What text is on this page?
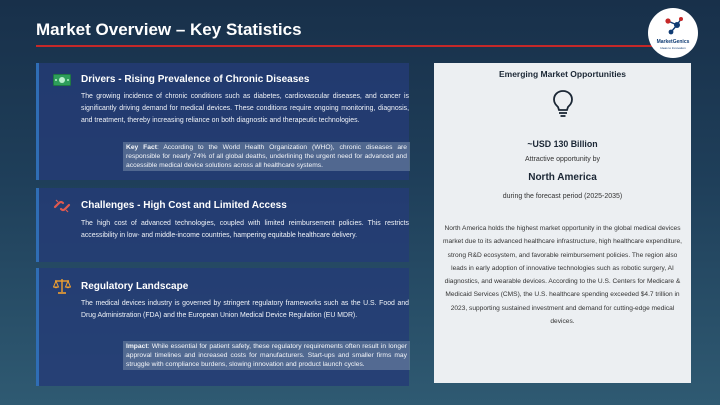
Market Overview – Key Statistics
MarketGenics
Ideas to Innovation
Drivers - Rising Prevalence of Chronic Diseases
The growing incidence of chronic conditions such as diabetes, cardiovascular diseases, and cancer is significantly driving demand for medical devices. These conditions require ongoing monitoring, diagnosis, and treatment, thereby increasing reliance on both diagnostic and therapeutic technologies.
Key Fact: According to the World Health Organization (WHO), chronic diseases are responsible for nearly 74% of all global deaths, underlining the urgent need for advanced and accessible medical device solutions across all healthcare systems.
Challenges - High Cost and Limited Access
The high cost of advanced technologies, coupled with limited reimbursement policies. This restricts accessibility in low- and middle-income countries, hampering equitable healthcare delivery.
Regulatory Landscape
The medical devices industry is governed by stringent regulatory frameworks such as the U.S. Food and Drug Administration (FDA) and the European Union Medical Device Regulation (EU MDR).
Impact: While essential for patient safety, these regulatory requirements often result in longer approval timelines and increased costs for manufacturers. Start-ups and smaller firms may struggle with compliance burdens, slowing innovation and product launch cycles.
Emerging Market Opportunities
~USD 130 Billion
Attractive opportunity by
North America
during the forecast period (2025-2035)
North America holds the highest market opportunity in the global medical devices market due to its advanced healthcare infrastructure, high healthcare expenditure, strong R&D ecosystem, and favorable reimbursement policies. The region also leads in early adoption of innovative technologies such as robotic surgery, AI diagnostics, and wearable devices. According to the U.S. Centers for Medicare & Medicaid Services (CMS), the U.S. healthcare spending exceeded $4.7 trillion in 2023, supporting sustained investment and demand for cutting-edge medical devices.
